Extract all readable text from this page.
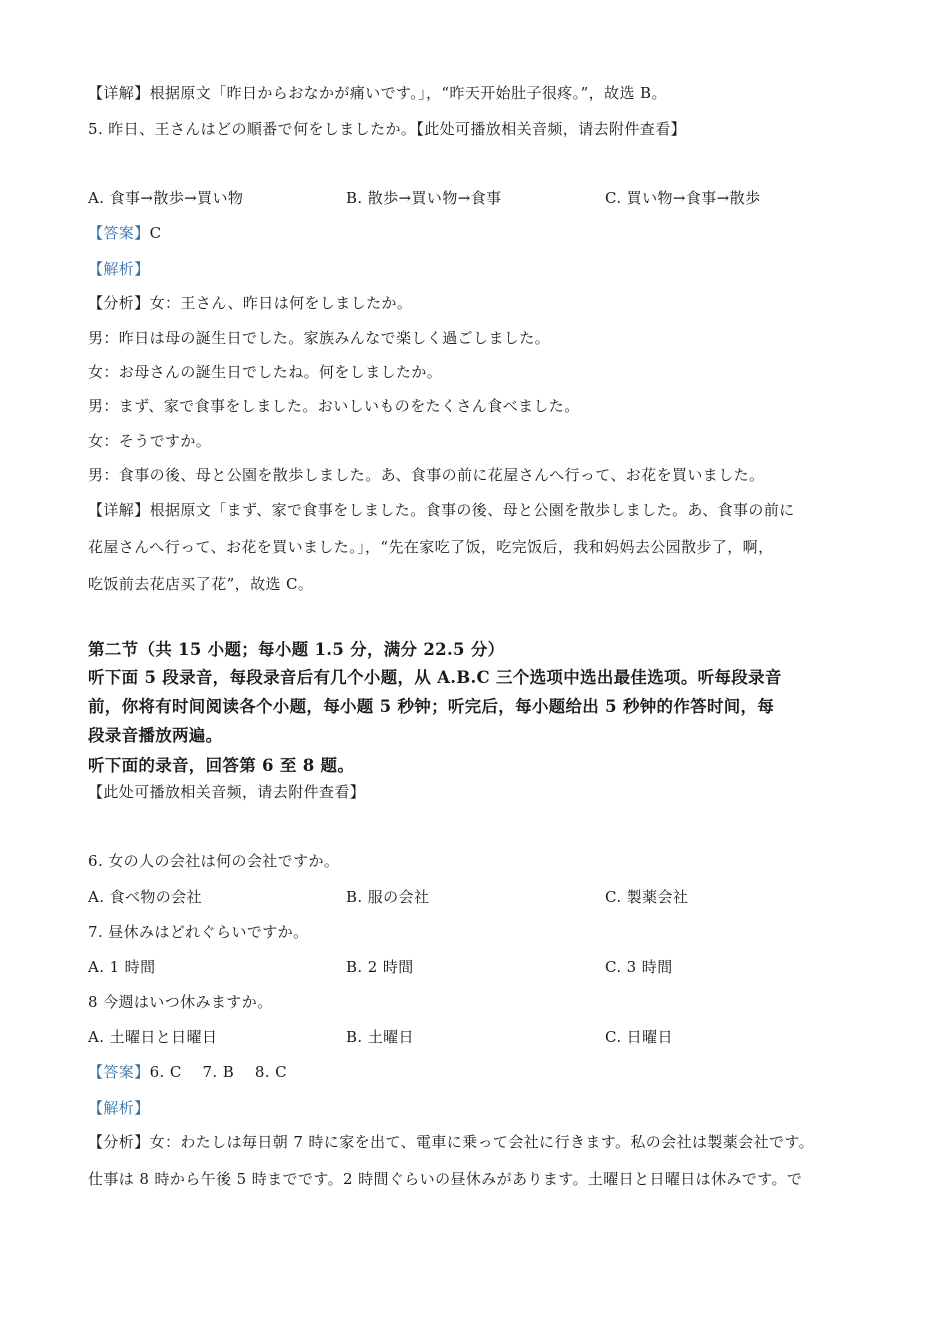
【详解】根据原文「昨日からおなかが痛いです。」，“昨天开始肚子很疼。”，故选 B。
5. 昨日、王さんはどの順番で何をしましたか。【此处可播放相关音频，请去附件查看】
A. 食事→散歩→買い物	B. 散歩→買い物→食事	C. 買い物→食事→散歩
【答案】C
【解析】
【分析】女：王さん、昨日は何をしましたか。
男：昨日は母の誕生日でした。家族みんなで楽しく過ごしました。
女：お母さんの誕生日でしたね。何をしましたか。
男：まず、家で食事をしました。おいしいものをたくさん食べました。
女：そうですか。
男：食事の後、母と公園を散歩しました。あ、食事の前に花屋さんへ行って、お花を買いました。
【详解】根据原文「まず、家で食事をしました。食事の後、母と公園を散歩しました。あ、食事の前に
花屋さんへ行って、お花を買いました。」，“先在家吃了饭，吃完饭后，我和妈妈去公园散步了，啊，
吃饭前去花店买了花”，故选 C。
第二节（共 15 小题；每小题 1.5 分，满分 22.5 分）
听下面 5 段录音，每段录音后有几个小题，从 A.B.C 三个选项中选出最佳选项。听每段录音
前，你将有时间阅读各个小题，每小题 5 秒钟；听完后，每小题给出 5 秒钟的作答时间，每
段录音播放两遍。
听下面的录音，回答第 6 至 8 题。
【此处可播放相关音频，请去附件查看】
6. 女の人の会社は何の会社ですか。
A. 食べ物の会社	B. 服の会社	C. 製薬会社
7. 昼休みはどれぐらいですか。
A. 1 時間	B. 2 時間	C. 3 時間
8 今週はいつ休みますか。
A. 土曜日と日曜日	B. 土曜日	C. 日曜日
【答案】6. C    7. B    8. C
【解析】
【分析】女：わたしは毎日朝 7 時に家を出て、電車に乗って会社に行きます。私の会社は製薬会社です。
仕事は 8 時から午後 5 時までです。2 時間ぐらいの昼休みがあります。土曜日と日曜日は休みです。で
